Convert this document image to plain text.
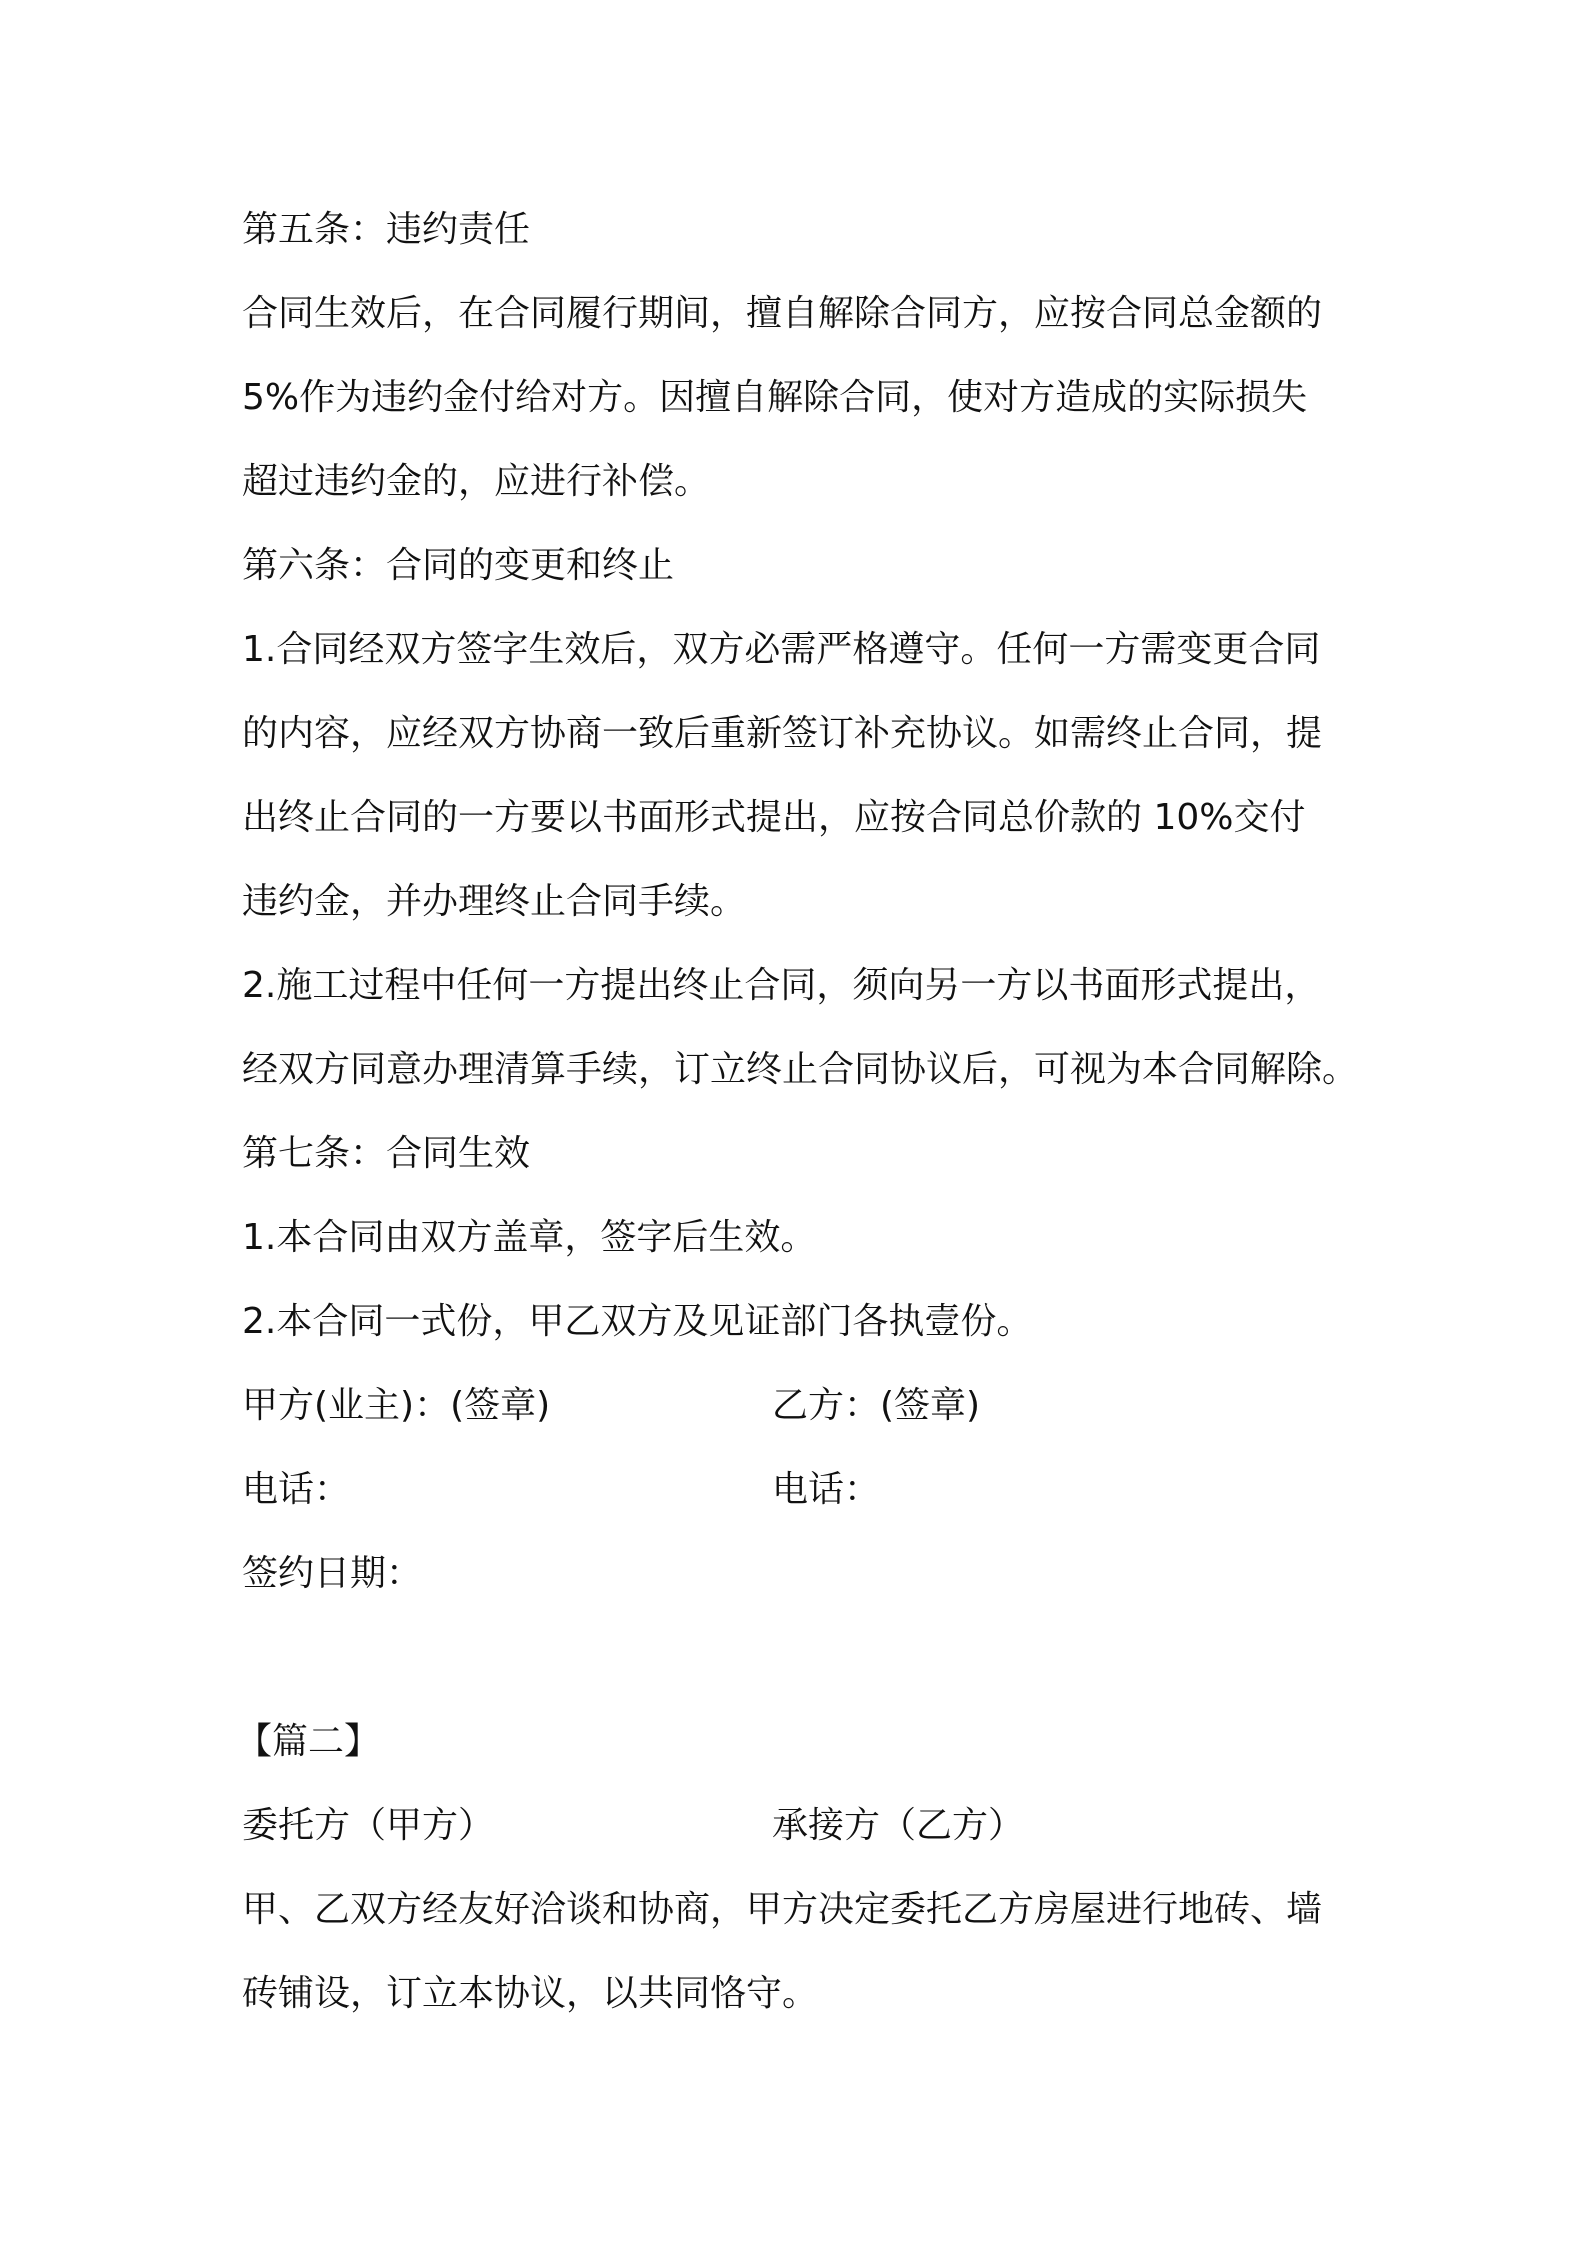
第五条：违约责任
合同生效后，在合同履行期间，擅自解除合同方，应按合同总金额的
5%作为违约金付给对方。因擅自解除合同，使对方造成的实际损失
超过违约金的，应进行补偿。
第六条：合同的变更和终止
1.合同经双方签字生效后，双方必需严格遵守。任何一方需变更合同
的内容，应经双方协商一致后重新签订补充协议。如需终止合同，提
出终止合同的一方要以书面形式提出，应按合同总价款的 10%交付
违约金，并办理终止合同手续。
2.施工过程中任何一方提出终止合同，须向另一方以书面形式提出，
经双方同意办理清算手续，订立终止合同协议后，可视为本合同解除。
第七条：合同生效
1.本合同由双方盖章，签字后生效。
2.本合同一式份，甲乙双方及见证部门各执壹份。
甲方(业主)：(签章)	乙方：(签章)
电话：	电话：
签约日期：
【篇二】
委托方（甲方）	承接方（乙方）
甲、乙双方经友好洽谈和协商，甲方决定委托乙方房屋进行地砖、墙
砖铺设，订立本协议，以共同恪守。
